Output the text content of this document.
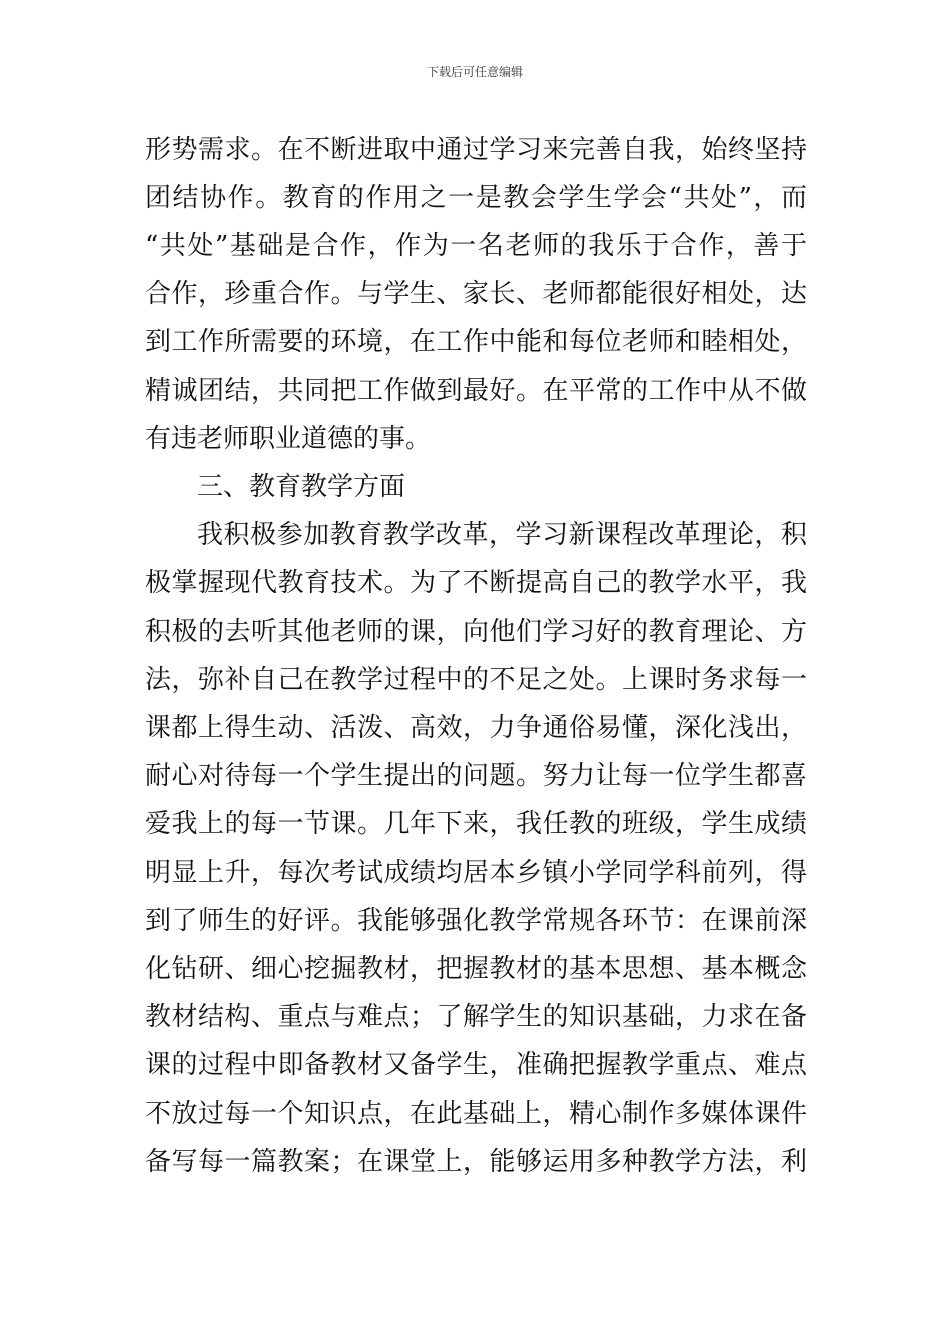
下载后可任意编辑
形势需求。在不断进取中通过学习来完善自我，始终坚持
团结协作。教育的作用之一是教会学生学会“共处”，而
“共处”基础是合作，作为一名老师的我乐于合作，善于
合作，珍重合作。与学生、家长、老师都能很好相处，达
到工作所需要的环境，在工作中能和每位老师和睦相处，
精诚团结，共同把工作做到最好。在平常的工作中从不做
有违老师职业道德的事。
三、教育教学方面
我积极参加教育教学改革，学习新课程改革理论，积
极掌握现代教育技术。为了不断提高自己的教学水平，我
积极的去听其他老师的课，向他们学习好的教育理论、方
法，弥补自己在教学过程中的不足之处。上课时务求每一
课都上得生动、活泼、高效，力争通俗易懂，深化浅出，
耐心对待每一个学生提出的问题。努力让每一位学生都喜
爱我上的每一节课。几年下来，我任教的班级，学生成绩
明显上升，每次考试成绩均居本乡镇小学同学科前列，得
到了师生的好评。我能够强化教学常规各环节：在课前深
化钻研、细心挖掘教材，把握教材的基本思想、基本概念
教材结构、重点与难点；了解学生的知识基础，力求在备
课的过程中即备教材又备学生，准确把握教学重点、难点
不放过每一个知识点，在此基础上，精心制作多媒体课件
备写每一篇教案；在课堂上，能够运用多种教学方法，利
